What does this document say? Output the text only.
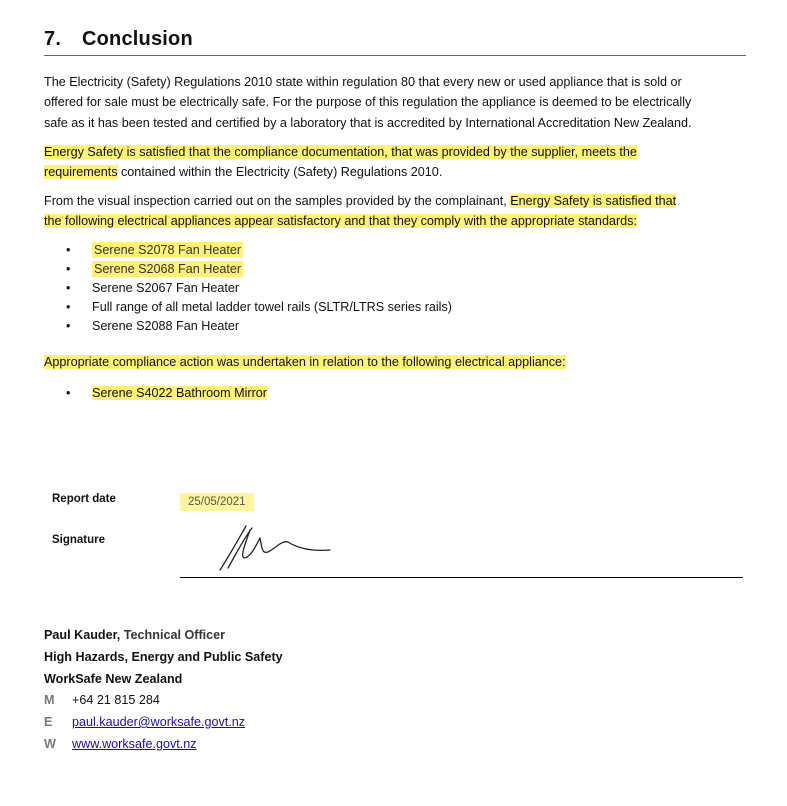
7. Conclusion

The Electricity (Safety) Regulations 2010 state within regulation 80 that every new or used appliance that is sold or
offered for sale must be electrically safe. For the purpose of this regulation the appliance is deemed to be electrically
safe as it has been tested and certified by a laboratory that is accredited by International Accreditation New Zealand.

Energy Safety is satisfied that the compliance documentation, that was provided by the supplier, meets the
requirements contained within the Electricity (Safety) Regulations 2010.

From the visual inspection carried out on the samples provided by the complainant, Energy Safety is satisfied that
the following electrical appliances appear satisfactory and that they comply with the appropriate standards:

• Serene S2078 Fan Heater
• Serene S2068 Fan Heater
• Serene S2067 Fan Heater
• Full range of all metal ladder towel rails (SLTR/LTRS series rails)
• Serene S2088 Fan Heater

Appropriate compliance action was undertaken in relation to the following electrical appliance:

• Serene S4022 Bathroom Mirror
Report date	25/05/2021
Signature
Paul Kauder, Technical Officer
High Hazards, Energy and Public Safety
WorkSafe New Zealand
M +64 21 815 284
E paul.kauder@worksafe.govt.nz
W www.worksafe.govt.nz
